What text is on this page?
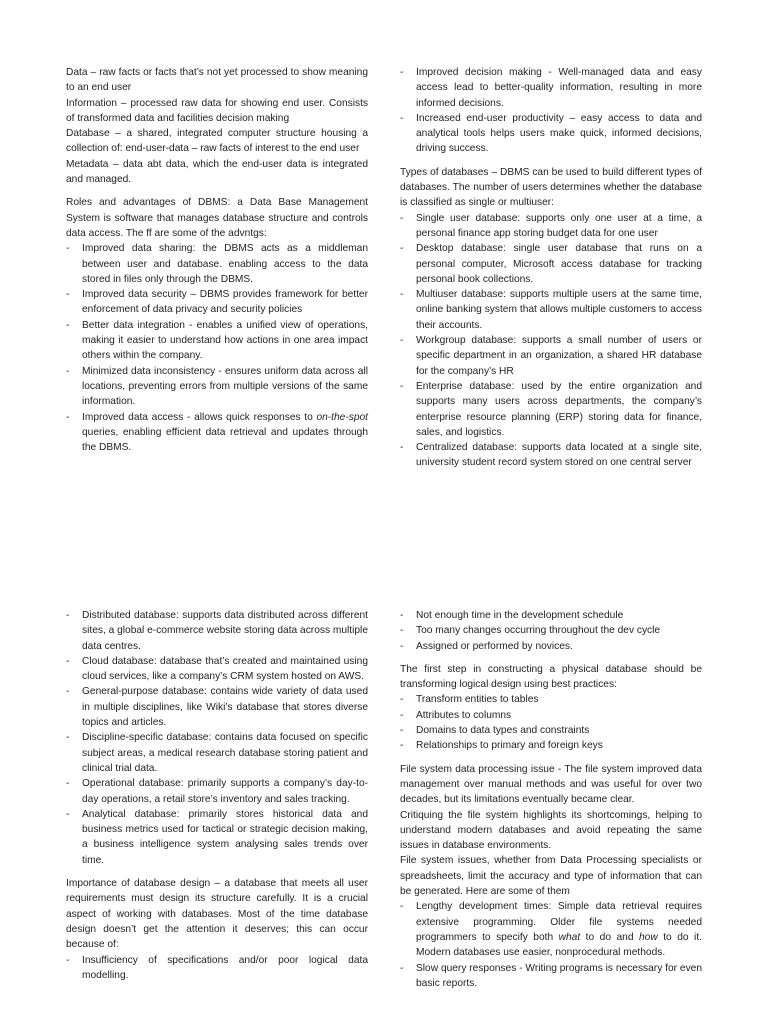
Data – raw facts or facts that’s not yet processed to show meaning to an end user

Information – processed raw data for showing end user. Consists of transformed data and facilities decision making

Database – a shared, integrated computer structure housing a collection of: end-user-data – raw facts of interest to the end user

Metadata – data abt data, which the end-user data is integrated and managed.

Roles and advantages of DBMS: a Data Base Management System is software that manages database structure and controls data access. The ff are some of the advntgs:

- Improved data sharing: the DBMS acts as a middleman between user and database. enabling access to the data stored in files only through the DBMS.
- Improved data security – DBMS provides framework for better enforcement of data privacy and security policies
- Better data integration - enables a unified view of operations, making it easier to understand how actions in one area impact others within the company.
- Minimized data inconsistency - ensures uniform data across all locations, preventing errors from multiple versions of the same information.
- Improved data access - allows quick responses to on-the-spot queries, enabling efficient data retrieval and updates through the DBMS.
- Improved decision making - Well-managed data and easy access lead to better-quality information, resulting in more informed decisions.
- Increased end-user productivity – easy access to data and analytical tools helps users make quick, informed decisions, driving success.

Types of databases – DBMS can be used to build different types of databases. The number of users determines whether the database is classified as single or multiuser:

- Single user database: supports only one user at a time, a personal finance app storing budget data for one user
- Desktop database: single user database that runs on a personal computer, Microsoft access database for tracking personal book collections.
- Multiuser database: supports multiple users at the same time, online banking system that allows multiple customers to access their accounts.
- Workgroup database: supports a small number of users or specific department in an organization, a shared HR database for the company’s HR
- Enterprise database: used by the entire organization and supports many users across departments, the company’s enterprise resource planning (ERP) storing data for finance, sales, and logistics.
- Centralized database: supports data located at a single site, university student record system stored on one central server
- Distributed database: supports data distributed across different sites, a global e-commerce website storing data across multiple data centres.
- Cloud database: database that’s created and maintained using cloud services, like a company’s CRM system hosted on AWS.
- General-purpose database: contains wide variety of data used in multiple disciplines, like Wiki’s database that stores diverse topics and articles.
- Discipline-specific database: contains data focused on specific subject areas, a medical research database storing patient and clinical trial data.
- Operational database: primarily supports a company’s day-to-day operations, a retail store’s inventory and sales tracking.
- Analytical database: primarily stores historical data and business metrics used for tactical or strategic decision making, a business intelligence system analysing sales trends over time.

Importance of database design – a database that meets all user requirements must design its structure carefully. It is a crucial aspect of working with databases. Most of the time database design doesn’t get the attention it deserves; this can occur because of:

- Insufficiency of specifications and/or poor logical data modelling.
- Not enough time in the development schedule
- Too many changes occurring throughout the dev cycle
- Assigned or performed by novices.

The first step in constructing a physical database should be transforming logical design using best practices:

- Transform entities to tables
- Attributes to columns
- Domains to data types and constraints
- Relationships to primary and foreign keys

File system data processing issue - The file system improved data management over manual methods and was useful for over two decades, but its limitations eventually became clear.

Critiquing the file system highlights its shortcomings, helping to understand modern databases and avoid repeating the same issues in database environments.

File system issues, whether from Data Processing specialists or spreadsheets, limit the accuracy and type of information that can be generated. Here are some of them

- Lengthy development times: Simple data retrieval requires extensive programming. Older file systems needed programmers to specify both what to do and how to do it. Modern databases use easier, nonprocedural methods.
- Slow query responses - Writing programs is necessary for even basic reports.
